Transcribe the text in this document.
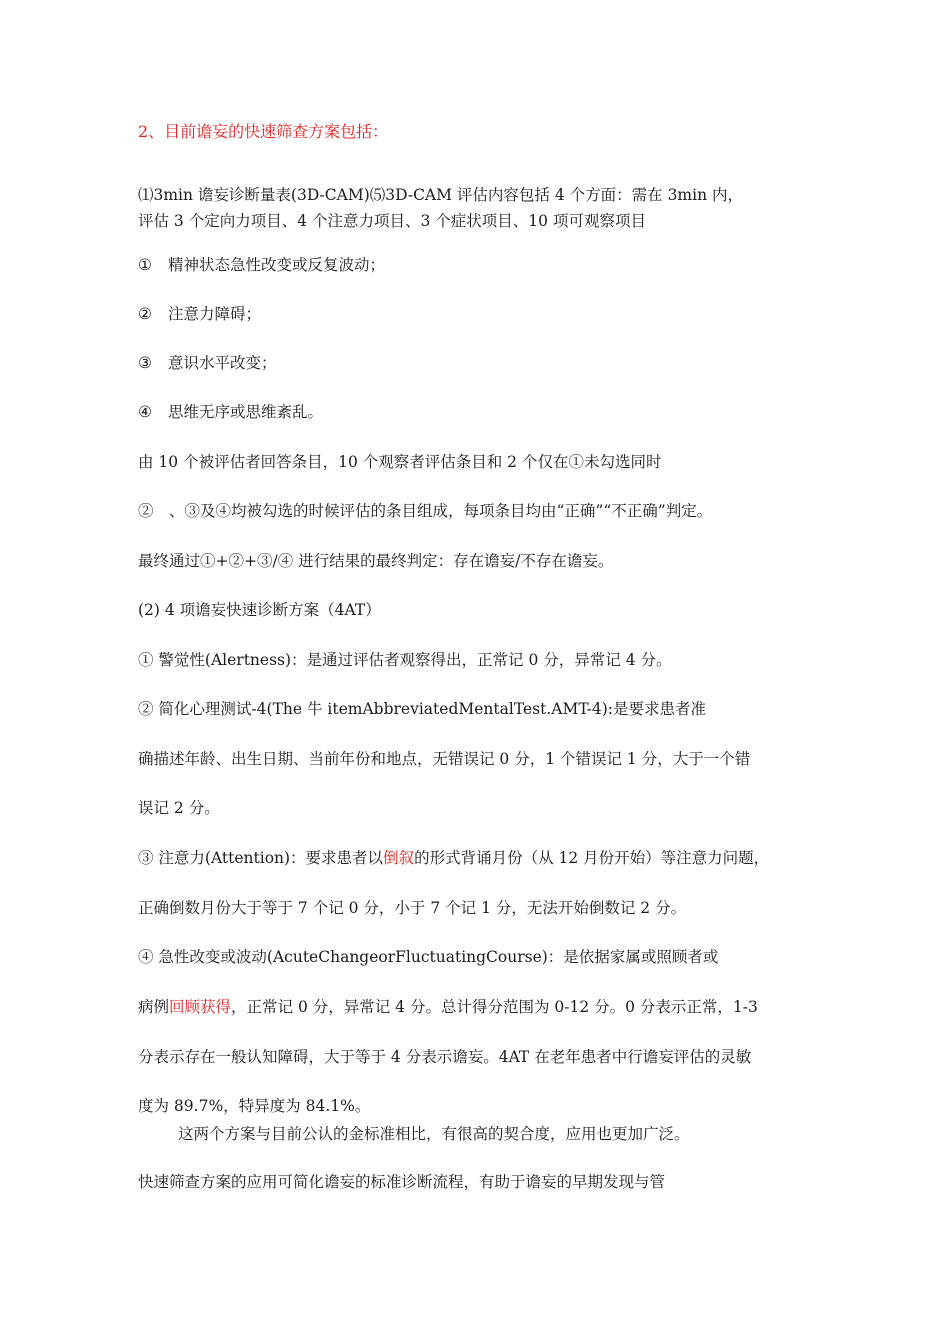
2、目前谵妄的快速筛查方案包括：
⑴3min 谵妄诊断量表(3D-CAM)⑸3D-CAM 评估内容包括 4 个方面：需在 3min 内，
评估 3 个定向力项目、4 个注意力项目、3 个症状项目、10 项可观察项目
① 精神状态急性改变或反复波动；
② 注意力障碍；
③ 意识水平改变；
④ 思维无序或思维紊乱。
由 10 个被评估者回答条目，10 个观察者评估条目和 2 个仅在①未勾选同时
②　、③及④均被勾选的时候评估的条目组成，每项条目均由“正确”“不正确”判定。
最终通过①+②+③/④ 进行结果的最终判定：存在谵妄/不存在谵妄。
(2) 4 项谵妄快速诊断方案（4AT）
① 警觉性(Alertness)：是通过评估者观察得出，正常记 0 分，异常记 4 分。
② 简化心理测试-4(The 牛 itemAbbreviatedMentalTest.AMT-4):是要求患者准
确描述年龄、出生日期、当前年份和地点，无错误记 0 分，1 个错误记 1 分，大于一个错
误记 2 分。
③ 注意力(Attention)：要求患者以倒叙的形式背诵月份（从 12 月份开始）等注意力问题，
正确倒数月份大于等于 7 个记 0 分，小于 7 个记 1 分，无法开始倒数记 2 分。
④ 急性改变或波动(AcuteChangeorFluctuatingCourse)：是依据家属或照顾者或
病例回顾获得，正常记 0 分，异常记 4 分。总计得分范围为 0-12 分。0 分表示正常，1-3
分表示存在一般认知障碍，大于等于 4 分表示谵妄。4AT 在老年患者中行谵妄评估的灵敏
度为 89.7%，特异度为 84.1%。
这两个方案与目前公认的金标准相比，有很高的契合度，应用也更加广泛。
快速筛查方案的应用可简化谵妄的标准诊断流程，有助于谵妄的早期发现与管
